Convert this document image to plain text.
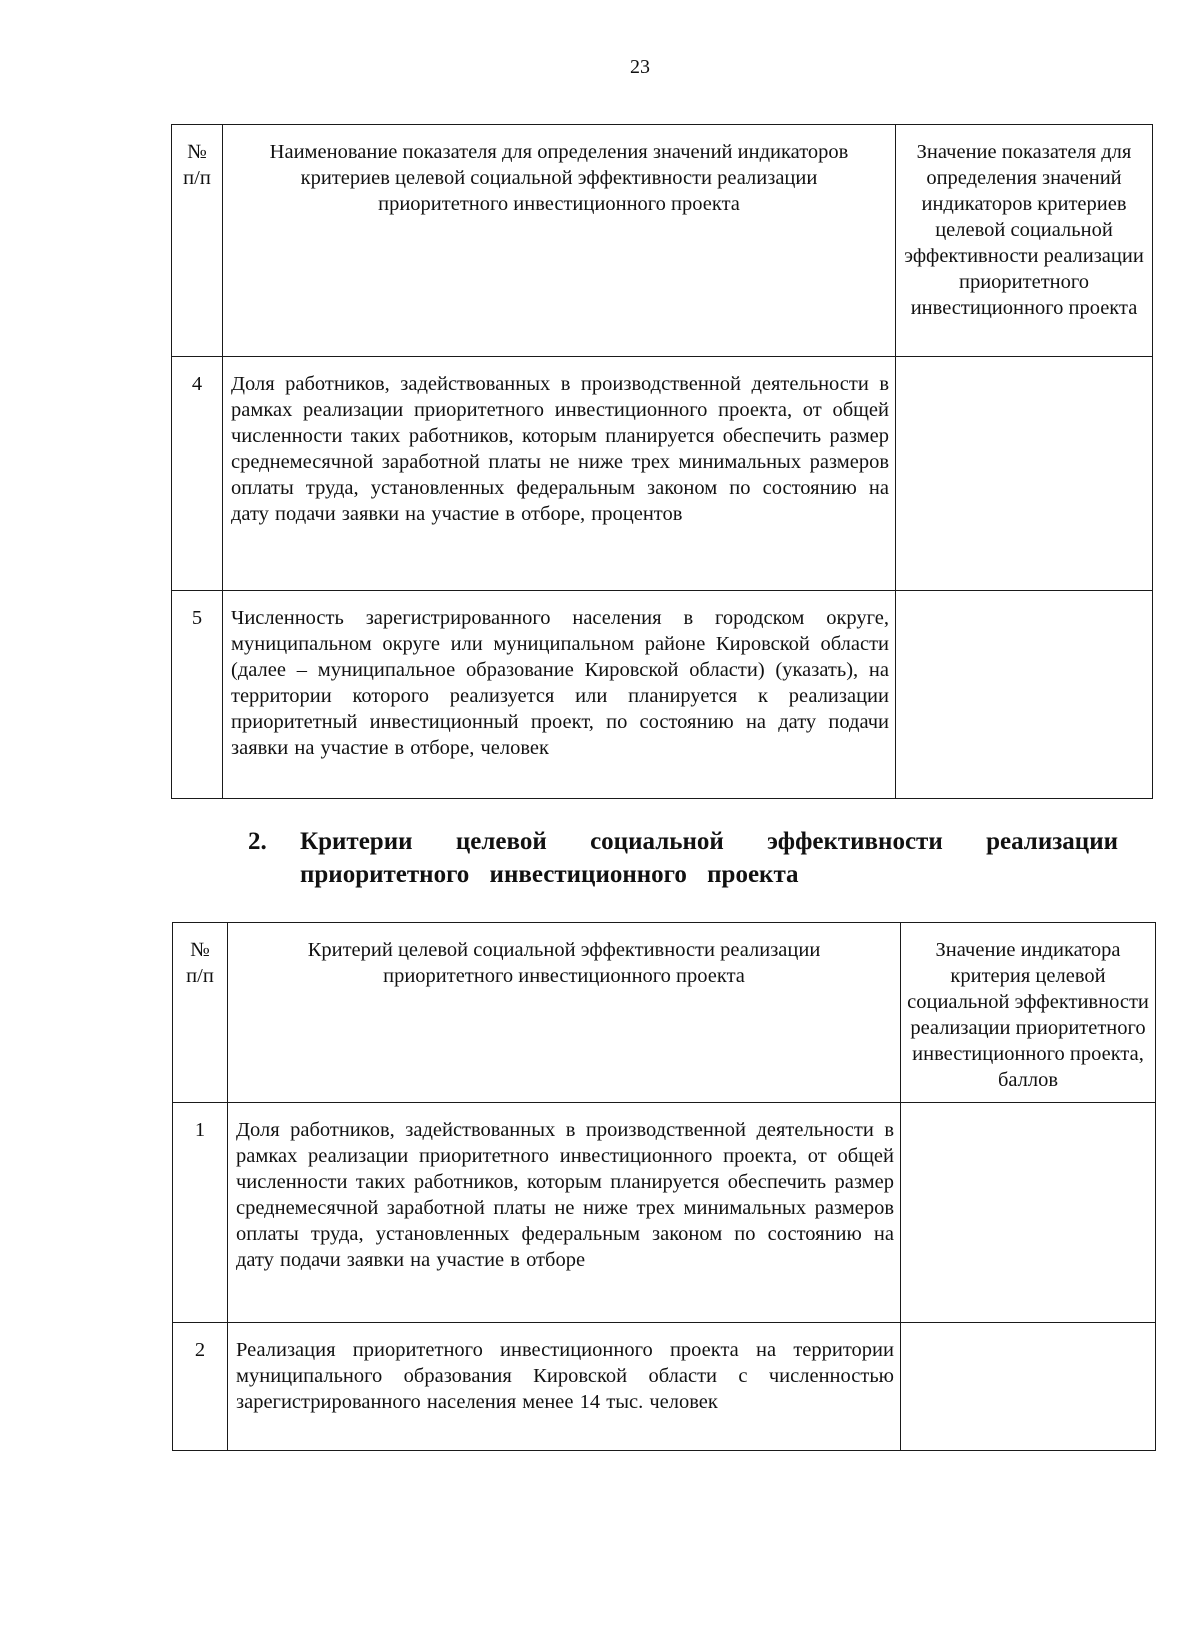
23
№ п/п	Наименование показателя для определения значений индикаторов критериев целевой социальной эффективности реализации приоритетного инвестиционного проекта	Значение показателя для определения значений индикаторов критериев целевой социальной эффективности реализации приоритетного инвестиционного проекта
4	Доля работников, задействованных в производственной деятельности в рамках реализации приоритетного инвестиционного проекта, от общей численности таких работников, которым планируется обеспечить размер среднемесячной заработной платы не ниже трех минимальных размеров оплаты труда, установленных федеральным законом по состоянию на дату подачи заявки на участие в отборе, процентов	
5	Численность зарегистрированного населения в городском округе, муниципальном округе или муниципальном районе Кировской области (далее – муниципальное образование Кировской области) (указать), на территории которого реализуется или планируется к реализации приоритетный инвестиционный проект, по состоянию на дату подачи заявки на участие в отборе, человек	
2. Критерии целевой социальной эффективности реализации приоритетного инвестиционного проекта
№ п/п	Критерий целевой социальной эффективности реализации приоритетного инвестиционного проекта	Значение индикатора критерия целевой социальной эффективности реализации приоритетного инвестиционного проекта, баллов
1	Доля работников, задействованных в производственной деятельности в рамках реализации приоритетного инвестиционного проекта, от общей численности таких работников, которым планируется обеспечить размер среднемесячной заработной платы не ниже трех минимальных размеров оплаты труда, установленных федеральным законом по состоянию на дату подачи заявки на участие в отборе	
2	Реализация приоритетного инвестиционного проекта на территории муниципального образования Кировской области с численностью зарегистрированного населения менее 14 тыс. человек	
